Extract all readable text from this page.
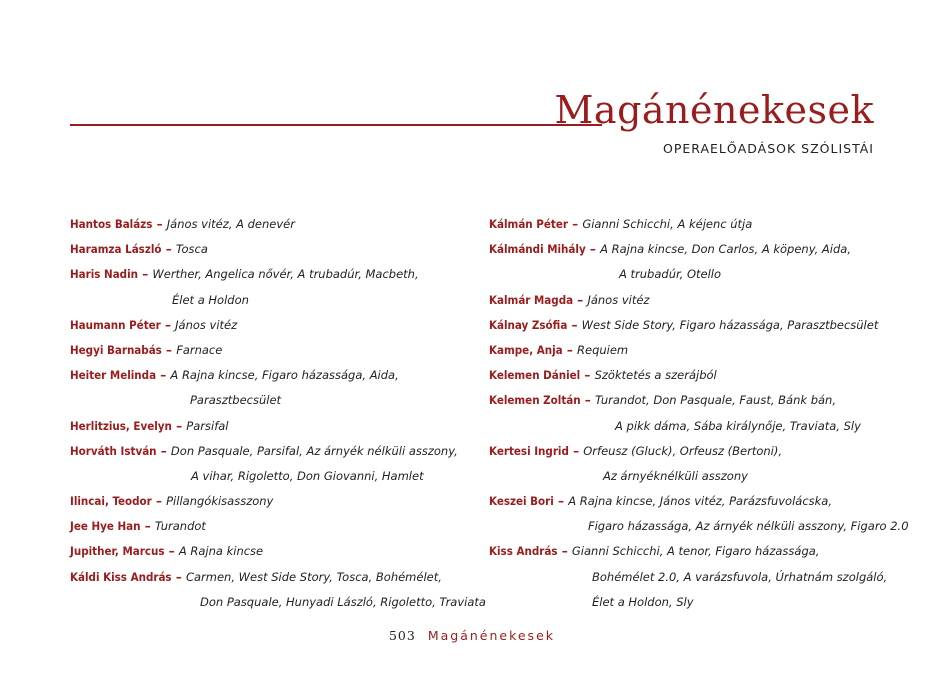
Magánénekesek
OPERAELŐADÁSOK SZÓLISTÁI
Hantos Balázs – János vitéz, A denevér
Haramza László – Tosca
Haris Nadin – Werther, Angelica nővér, A trubadúr, Macbeth,
Élet a Holdon
Haumann Péter – János vitéz
Hegyi Barnabás – Farnace
Heiter Melinda – A Rajna kincse, Figaro házassága, Aida,
Parasztbecsület
Herlitzius, Evelyn – Parsifal
Horváth István – Don Pasquale, Parsifal, Az árnyék nélküli asszony,
A vihar, Rigoletto, Don Giovanni, Hamlet
Ilincai, Teodor – Pillangókisasszony
Jee Hye Han – Turandot
Jupither, Marcus – A Rajna kincse
Káldi Kiss András – Carmen, West Side Story, Tosca, Bohémélet,
Don Pasquale, Hunyadi László, Rigoletto, Traviata
Kálmán Péter – Gianni Schicchi, A kéjenc útja
Kálmándi Mihály – A Rajna kincse, Don Carlos, A köpeny, Aida,
A trubadúr, Otello
Kalmár Magda – János vitéz
Kálnay Zsófia – West Side Story, Figaro házassága, Parasztbecsület
Kampe, Anja – Requiem
Kelemen Dániel – Szöktetés a szerájból
Kelemen Zoltán – Turandot, Don Pasquale, Faust, Bánk bán,
A pikk dáma, Sába királynője, Traviata, Sly
Kertesi Ingrid – Orfeusz (Gluck), Orfeusz (Bertoni),
Az árnyéknélküli asszony
Keszei Bori – A Rajna kincse, János vitéz, Parázsfuvolácska,
Figaro házassága, Az árnyék nélküli asszony, Figaro 2.0
Kiss András – Gianni Schicchi, A tenor, Figaro házassága,
Bohémélet 2.0, A varázsfuvola, Úrhatnám szolgáló,
Élet a Holdon, Sly
503 Magánénekesek
